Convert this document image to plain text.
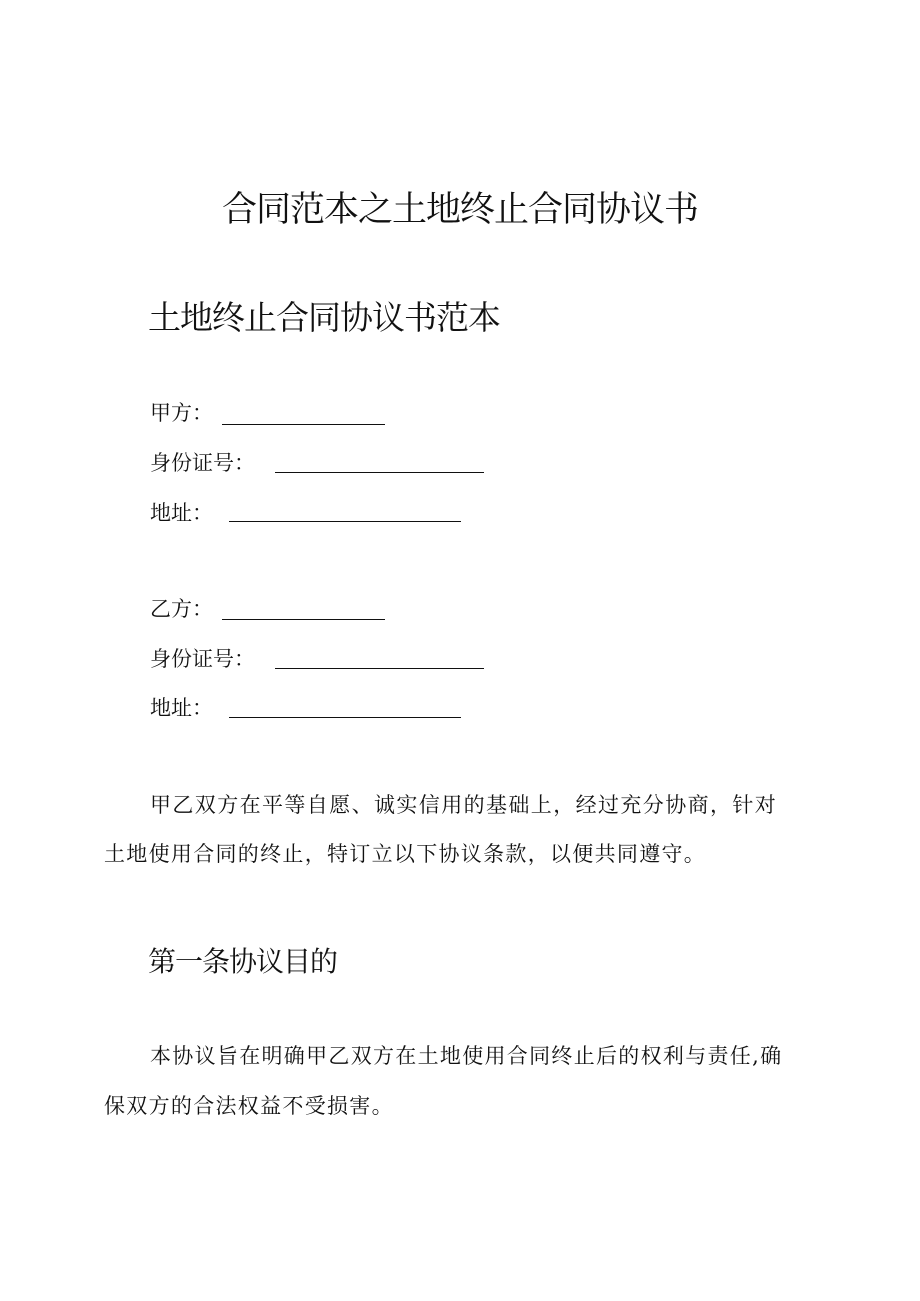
合同范本之土地终止合同协议书
土地终止合同协议书范本
甲方：
身份证号：
地址：
乙方：
身份证号：
地址：
甲乙双方在平等自愿、诚实信用的基础上，经过充分协商，针对
土地使用合同的终止，特订立以下协议条款，以便共同遵守。
第一条协议目的
本协议旨在明确甲乙双方在土地使用合同终止后的权利与责任,确
保双方的合法权益不受损害。
